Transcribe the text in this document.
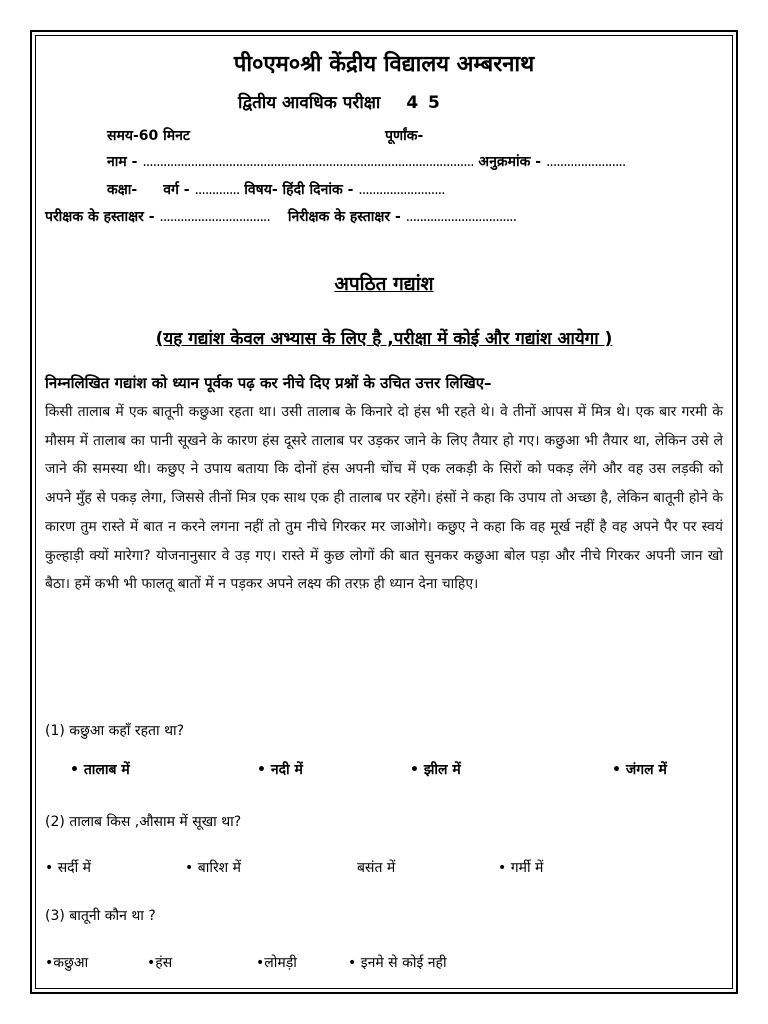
पी०एम०श्री केंद्रीय विद्यालय अम्बरनाथ
द्वितीय आवधिक परीक्षा 4 5
समय-60 मिनट	पूर्णांक-
नाम - ................................................................................................ अनुक्रमांक - .......................
कक्षा- वर्ग - ............. विषय- हिंदी दिनांक - .........................
परीक्षक के हस्ताक्षर - ................................ निरीक्षक के हस्ताक्षर - ................................
अपठित गद्यांश
(यह गद्यांश केवल अभ्यास के लिए है ,परीक्षा में कोई और गद्यांश आयेगा )
निम्नलिखित गद्यांश को ध्यान पूर्वक पढ़ कर नीचे दिए प्रश्नों के उचित उत्तर लिखिए–
किसी तालाब में एक बातूनी कछुआ रहता था। उसी तालाब के किनारे दो हंस भी रहते थे। वे तीनों आपस में मित्र थे। एक बार गरमी के मौसम में तालाब का पानी सूखने के कारण हंस दूसरे तालाब पर उड़कर जाने के लिए तैयार हो गए। कछुआ भी तैयार था, लेकिन उसे ले जाने की समस्या थी। कछुए ने उपाय बताया कि दोनों हंस अपनी चोंच में एक लकड़ी के सिरों को पकड़ लेंगे और वह उस लड़की को अपने मुँह से पकड़ लेगा, जिससे तीनों मित्र एक साथ एक ही तालाब पर रहेंगे। हंसों ने कहा कि उपाय तो अच्छा है, लेकिन बातूनी होने के कारण तुम रास्ते में बात न करने लगना नहीं तो तुम नीचे गिरकर मर जाओगे। कछुए ने कहा कि वह मूर्ख नहीं है वह अपने पैर पर स्वयं कुल्हाड़ी क्यों मारेगा? योजनानुसार वे उड़ गए। रास्ते में कुछ लोगों की बात सुनकर कछुआ बोल पड़ा और नीचे गिरकर अपनी जान खो बैठा। हमें कभी भी फालतू बातों में न पड़कर अपने लक्ष्य की तरफ़ ही ध्यान देना चाहिए।
(1) कछुआ कहाँ रहता था?
• तालाब में	• नदी में	• झील में	• जंगल में
(2) तालाब किस ,औसाम में सूखा था?
• सर्दी में	• बारिश में	बसंत में	• गर्मी में
(3) बातूनी कौन था ?
•कछुआ	•हंस	•लोमड़ी	• इनमे से कोई नही
